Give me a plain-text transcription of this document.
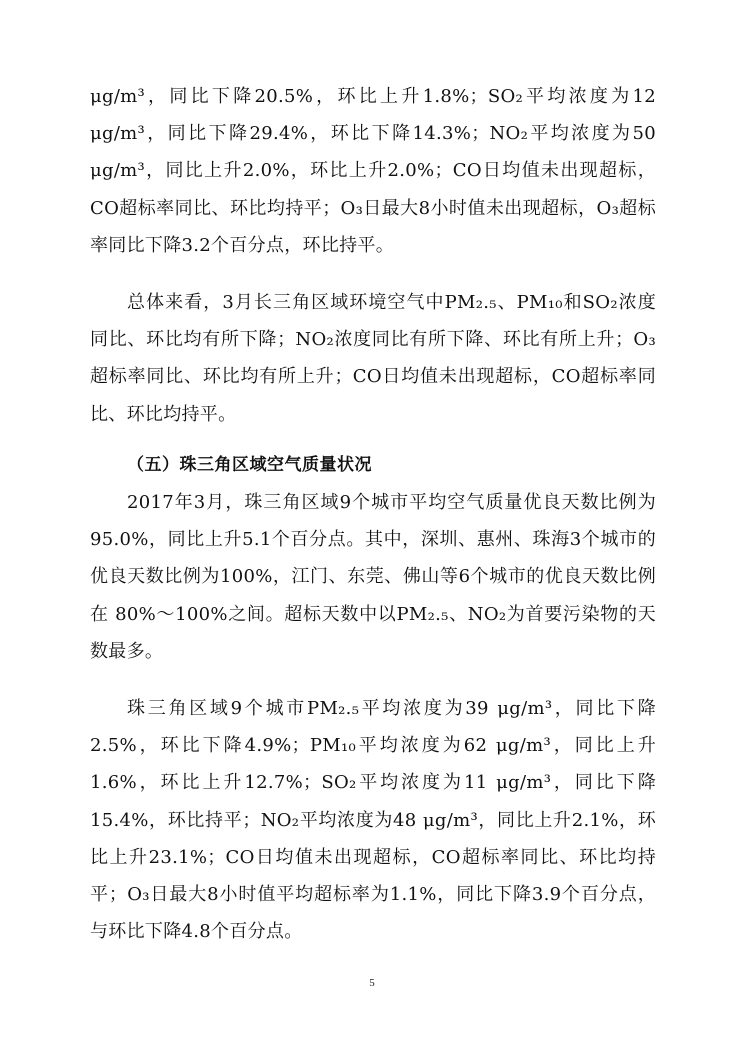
μg/m³，同比下降20.5%，环比上升1.8%；SO₂平均浓度为12 μg/m³，同比下降29.4%，环比下降14.3%；NO₂平均浓度为50 μg/m³，同比上升2.0%，环比上升2.0%；CO日均值未出现超标，CO超标率同比、环比均持平；O₃日最大8小时值未出现超标，O₃超标率同比下降3.2个百分点，环比持平。

总体来看，3月长三角区域环境空气中PM₂.₅、PM₁₀和SO₂浓度同比、环比均有所下降；NO₂浓度同比有所下降、环比有所上升；O₃超标率同比、环比均有所上升；CO日均值未出现超标，CO超标率同比、环比均持平。

（五）珠三角区域空气质量状况

2017年3月，珠三角区域9个城市平均空气质量优良天数比例为95.0%，同比上升5.1个百分点。其中，深圳、惠州、珠海3个城市的优良天数比例为100%，江门、东莞、佛山等6个城市的优良天数比例在 80%～100%之间。超标天数中以PM₂.₅、NO₂为首要污染物的天数最多。

珠三角区域9个城市PM₂.₅平均浓度为39 μg/m³，同比下降2.5%，环比下降4.9%；PM₁₀平均浓度为62 μg/m³，同比上升1.6%，环比上升12.7%；SO₂平均浓度为11 μg/m³，同比下降15.4%，环比持平；NO₂平均浓度为48 μg/m³，同比上升2.1%，环比上升23.1%；CO日均值未出现超标，CO超标率同比、环比均持平；O₃日最大8小时值平均超标率为1.1%，同比下降3.9个百分点，与环比下降4.8个百分点。

5
